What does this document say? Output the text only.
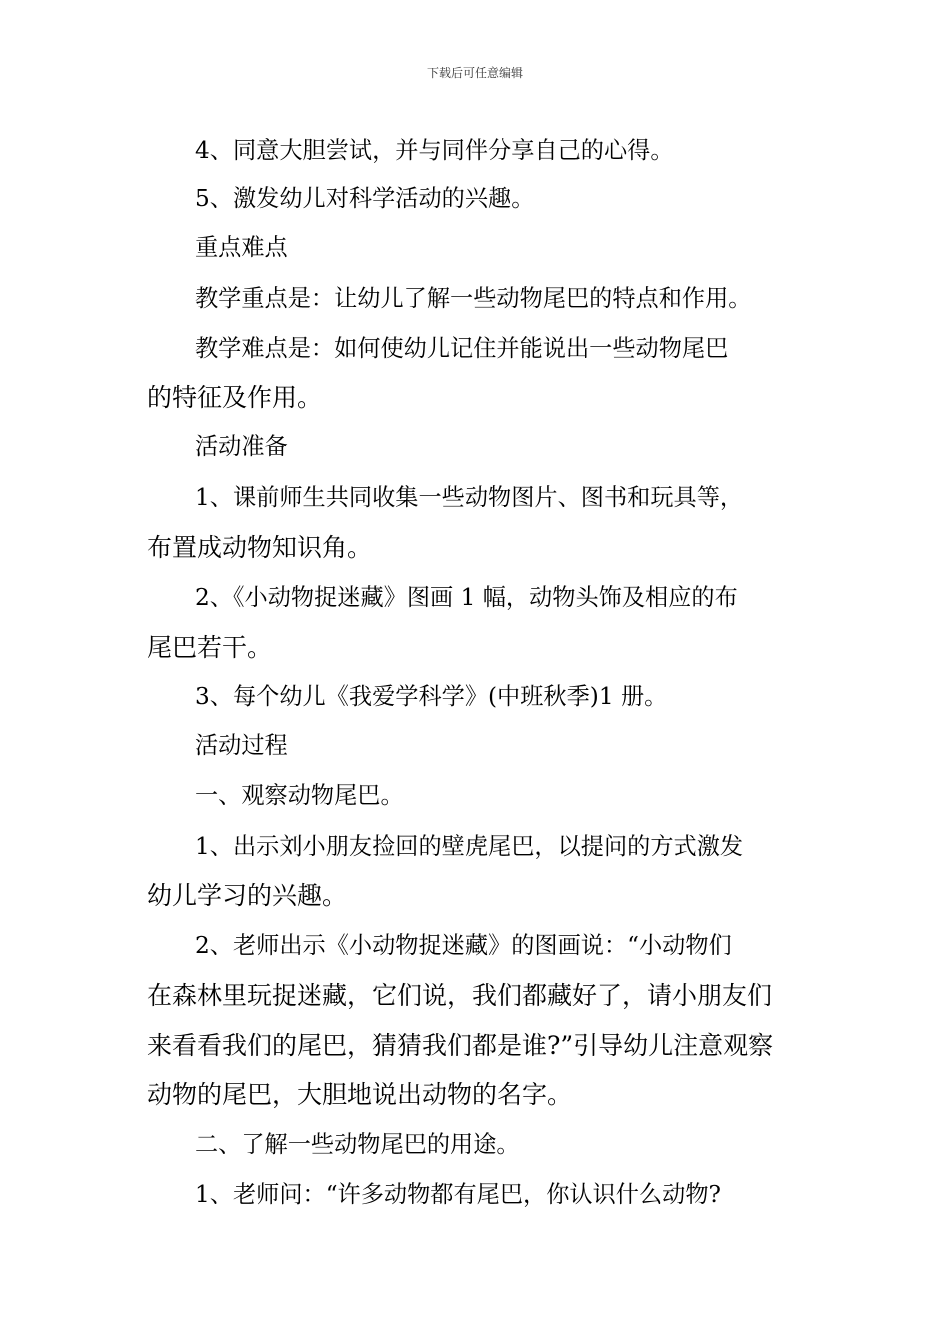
下载后可任意编辑
4、同意大胆尝试，并与同伴分享自己的心得。
5、激发幼儿对科学活动的兴趣。
重点难点
教学重点是：让幼儿了解一些动物尾巴的特点和作用。
教学难点是：如何使幼儿记住并能说出一些动物尾巴
的特征及作用。
活动准备
1、课前师生共同收集一些动物图片、图书和玩具等，
布置成动物知识角。
2、《小动物捉迷藏》图画 1 幅，动物头饰及相应的布
尾巴若干。
3、每个幼儿《我爱学科学》(中班秋季)1 册。
活动过程
一、观察动物尾巴。
1、出示刘小朋友捡回的壁虎尾巴，以提问的方式激发
幼儿学习的兴趣。
2、老师出示《小动物捉迷藏》的图画说：“小动物们
在森林里玩捉迷藏，它们说，我们都藏好了，请小朋友们
来看看我们的尾巴，猜猜我们都是谁?”引导幼儿注意观察
动物的尾巴，大胆地说出动物的名字。
二、了解一些动物尾巴的用途。
1、老师问：“许多动物都有尾巴，你认识什么动物?
